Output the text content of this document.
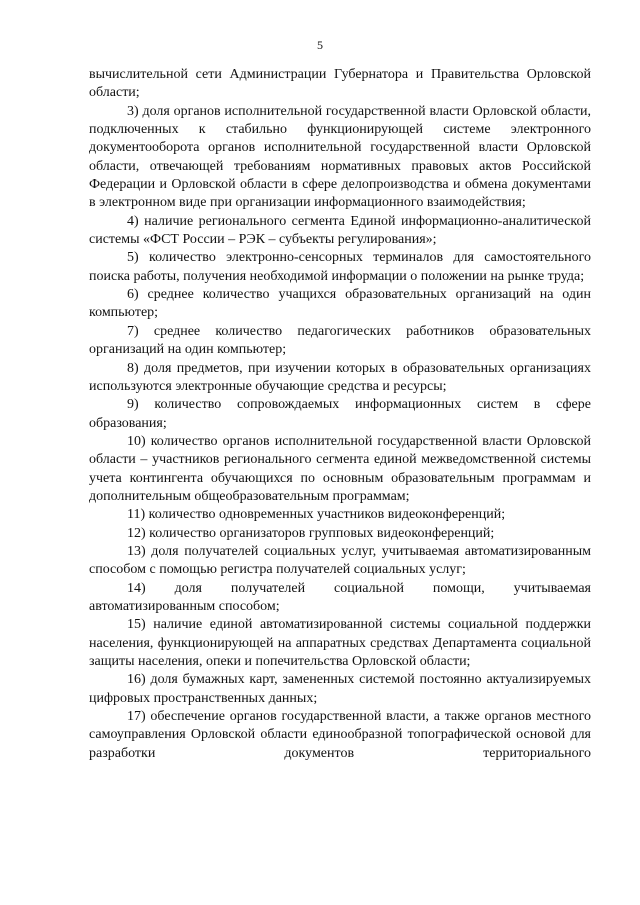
5

вычислительной сети Администрации Губернатора и Правительства Орловской области;

3) доля органов исполнительной государственной власти Орловской области, подключенных к стабильно функционирующей системе электронного документооборота органов исполнительной государственной власти Орловской области, отвечающей требованиям нормативных правовых актов Российской Федерации и Орловской области в сфере делопроизводства и обмена документами в электронном виде при организации информационного взаимодействия;

4) наличие регионального сегмента Единой информационно-аналитической системы «ФСТ России – РЭК – субъекты регулирования»;

5) количество электронно-сенсорных терминалов для самостоятельного поиска работы, получения необходимой информации о положении на рынке труда;

6) среднее количество учащихся образовательных организаций на один компьютер;

7) среднее количество педагогических работников образовательных организаций на один компьютер;

8) доля предметов, при изучении которых в образовательных организациях используются электронные обучающие средства и ресурсы;

9) количество сопровождаемых информационных систем в сфере образования;

10) количество органов исполнительной государственной власти Орловской области – участников регионального сегмента единой межведомственной системы учета контингента обучающихся по основным образовательным программам и дополнительным общеобразовательным программам;

11) количество одновременных участников видеоконференций;

12) количество организаторов групповых видеоконференций;

13) доля получателей социальных услуг, учитываемая автоматизированным способом с помощью регистра получателей социальных услуг;

14) доля получателей социальной помощи, учитываемая автоматизированным способом;

15) наличие единой автоматизированной системы социальной поддержки населения, функционирующей на аппаратных средствах Департамента социальной защиты населения, опеки и попечительства Орловской области;

16) доля бумажных карт, замененных системой постоянно актуализируемых цифровых пространственных данных;

17) обеспечение органов государственной власти, а также органов местного самоуправления Орловской области единообразной топографической основой для разработки документов территориального
